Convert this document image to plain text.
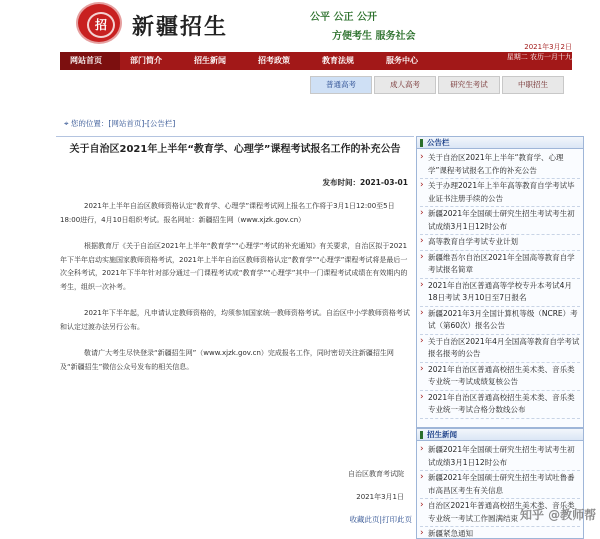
招 新疆招生	公平 公正 公开
方便考生 服务社会
网站首页	部门简介	招生新闻	招考政策	教育法规	服务中心
2021年3月2日
星期二 农历一月十九
普通高考	成人高考	研究生考试	中职招生
⌖ 您的位置：[网站首页]-[公告栏]
关于自治区2021年上半年“教育学、心理学”课程考试报名工作的补充公告
发布时间：2021-03-01

2021年上半年自治区教师资格认定“教育学、心理学”课程考试网上报名工作将于3月1日12:00至5日18:00进行，4月10日组织考试。报名网址：新疆招生网（www.xjzk.gov.cn）

根据教育厅《关于自治区2021年上半年“教育学”“心理学”考试的补充通知》有关要求，自治区拟于2021年下半年启动实施国家教师资格考试，2021年上半年自治区教师资格认定“教育学”“心理学”课程考试将是最后一次全科考试，2021年下半年针对部分通过一门课程考试或“教育学”“心理学”其中一门课程考试成绩在有效期内的考生，组织一次补考。

2021年下半年起，凡申请认定教师资格的，均须参加国家统一教师资格考试。自治区中小学教师资格考试和认定过渡办法另行公布。

敬请广大考生尽快登录“新疆招生网”（www.xjzk.gov.cn）完成报名工作，同时密切关注新疆招生网及“新疆招生”微信公众号发布的相关信息。

自治区教育考试院
2021年3月1日
收藏此页|打印此页
公告栏
› 关于自治区2021年上半年“教育学、心理学”课程考试报名工作的补充公告
› 关于办理2021年上半年高等教育自学考试毕业证书注册手续的公告
› 新疆2021年全国硕士研究生招生考试考生初试成绩3月1日12时公布
› 高等教育自学考试专业计划
› 新疆维吾尔自治区2021年全国高等教育自学考试报名简章
› 2021年自治区普通高等学校专升本考试4月18日考试 3月10日至7日报名
› 新疆2021年3月全国计算机等级（NCRE）考试（第60次）报名公告
› 关于自治区2021年4月全国高等教育自学考试报名报考的公告
› 2021年自治区普通高校招生美术类、音乐类专业统一考试成绩复核公告
› 2021年自治区普通高校招生美术类、音乐类专业统一考试合格分数线公布
招生新闻
› 新疆2021年全国硕士研究生招生考试考生初试成绩3月1日12时公布
› 新疆2021年全国硕士研究生招生考试吐鲁番市高昌区考生有关信息
› 自治区2021年普通高校招生美术类、音乐类专业统一考试工作圆满结束
› 新疆紧急通知
知乎 @教师帮
